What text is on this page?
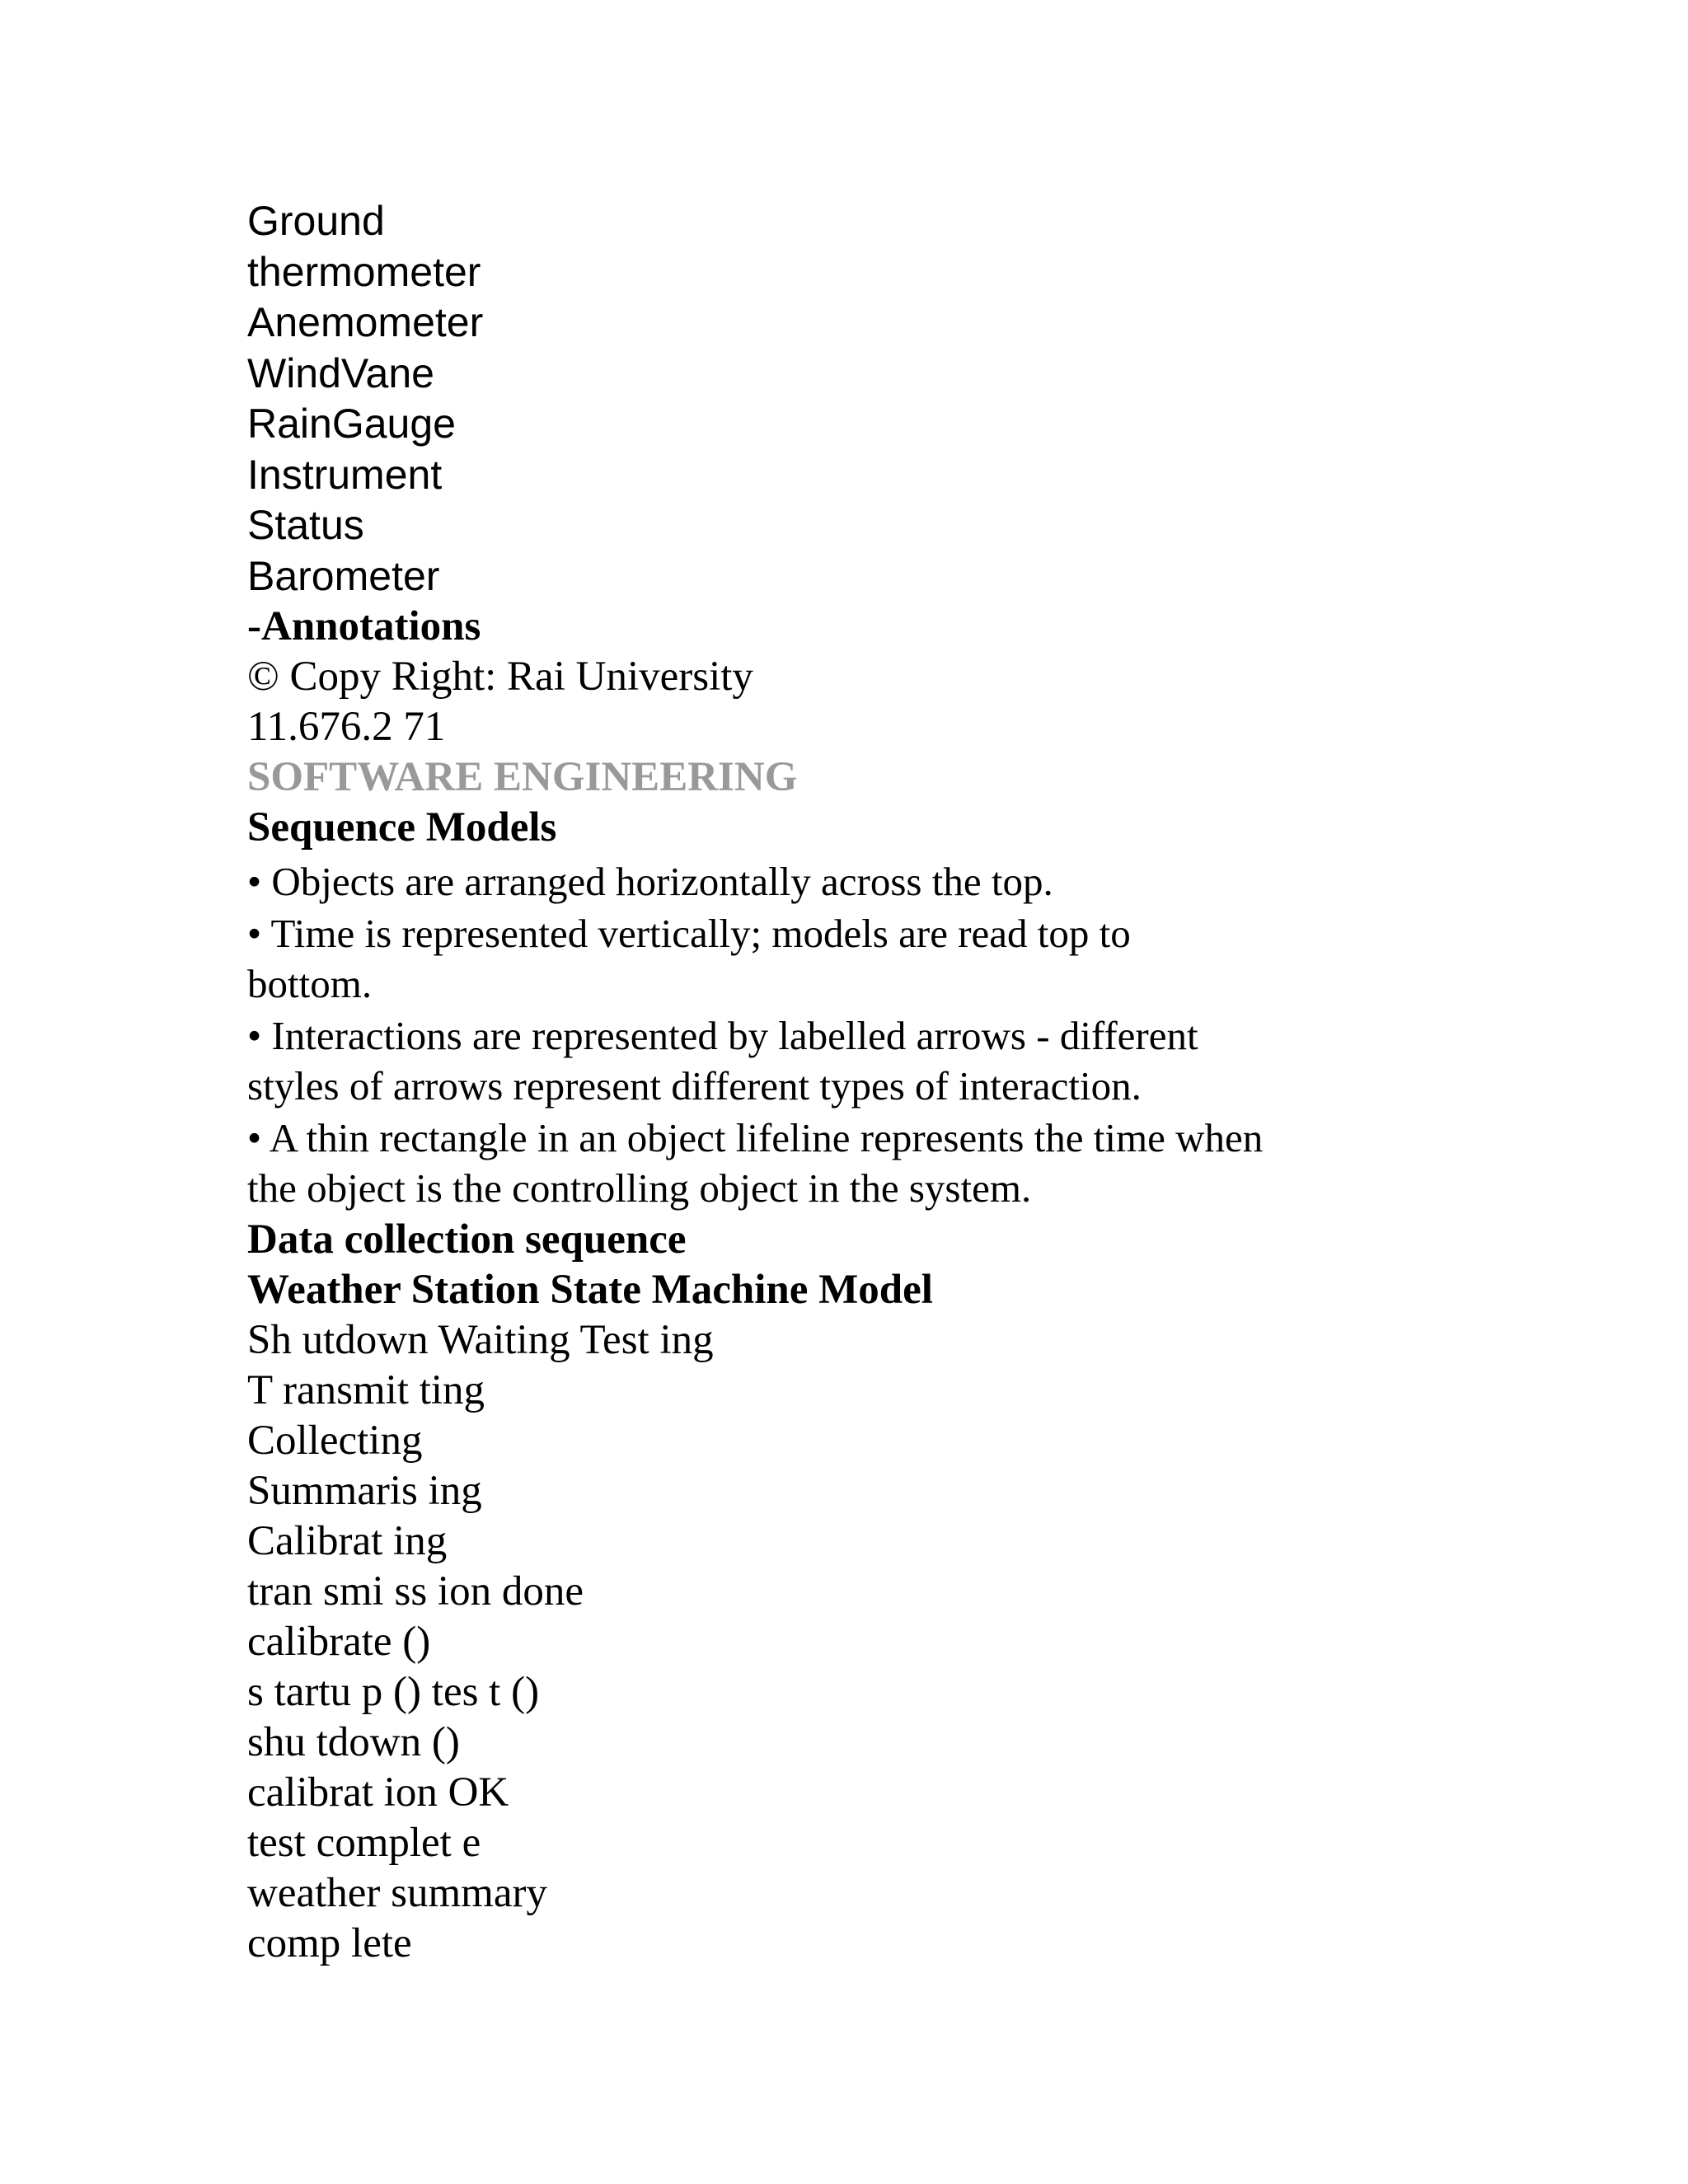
Ground
thermometer
Anemometer
WindVane
RainGauge
Instrument
Status
Barometer
-Annotations
© Copy Right: Rai University
11.676.2 71
SOFTWARE ENGINEERING
Sequence Models
• Objects are arranged horizontally across the top.
• Time is represented vertically; models are read top to
bottom.
• Interactions are represented by labelled arrows - different
styles of arrows represent different types of interaction.
• A thin rectangle in an object lifeline represents the time when
the object is the controlling object in the system.
Data collection sequence
Weather Station State Machine Model
Sh utdown Waiting Test ing
T ransmit ting
Collecting
Summaris ing
Calibrat ing
tran smi ss ion done
calibrate ()
s tartu p () tes t ()
shu tdown ()
calibrat ion OK
test complet e
weather summary
comp lete
